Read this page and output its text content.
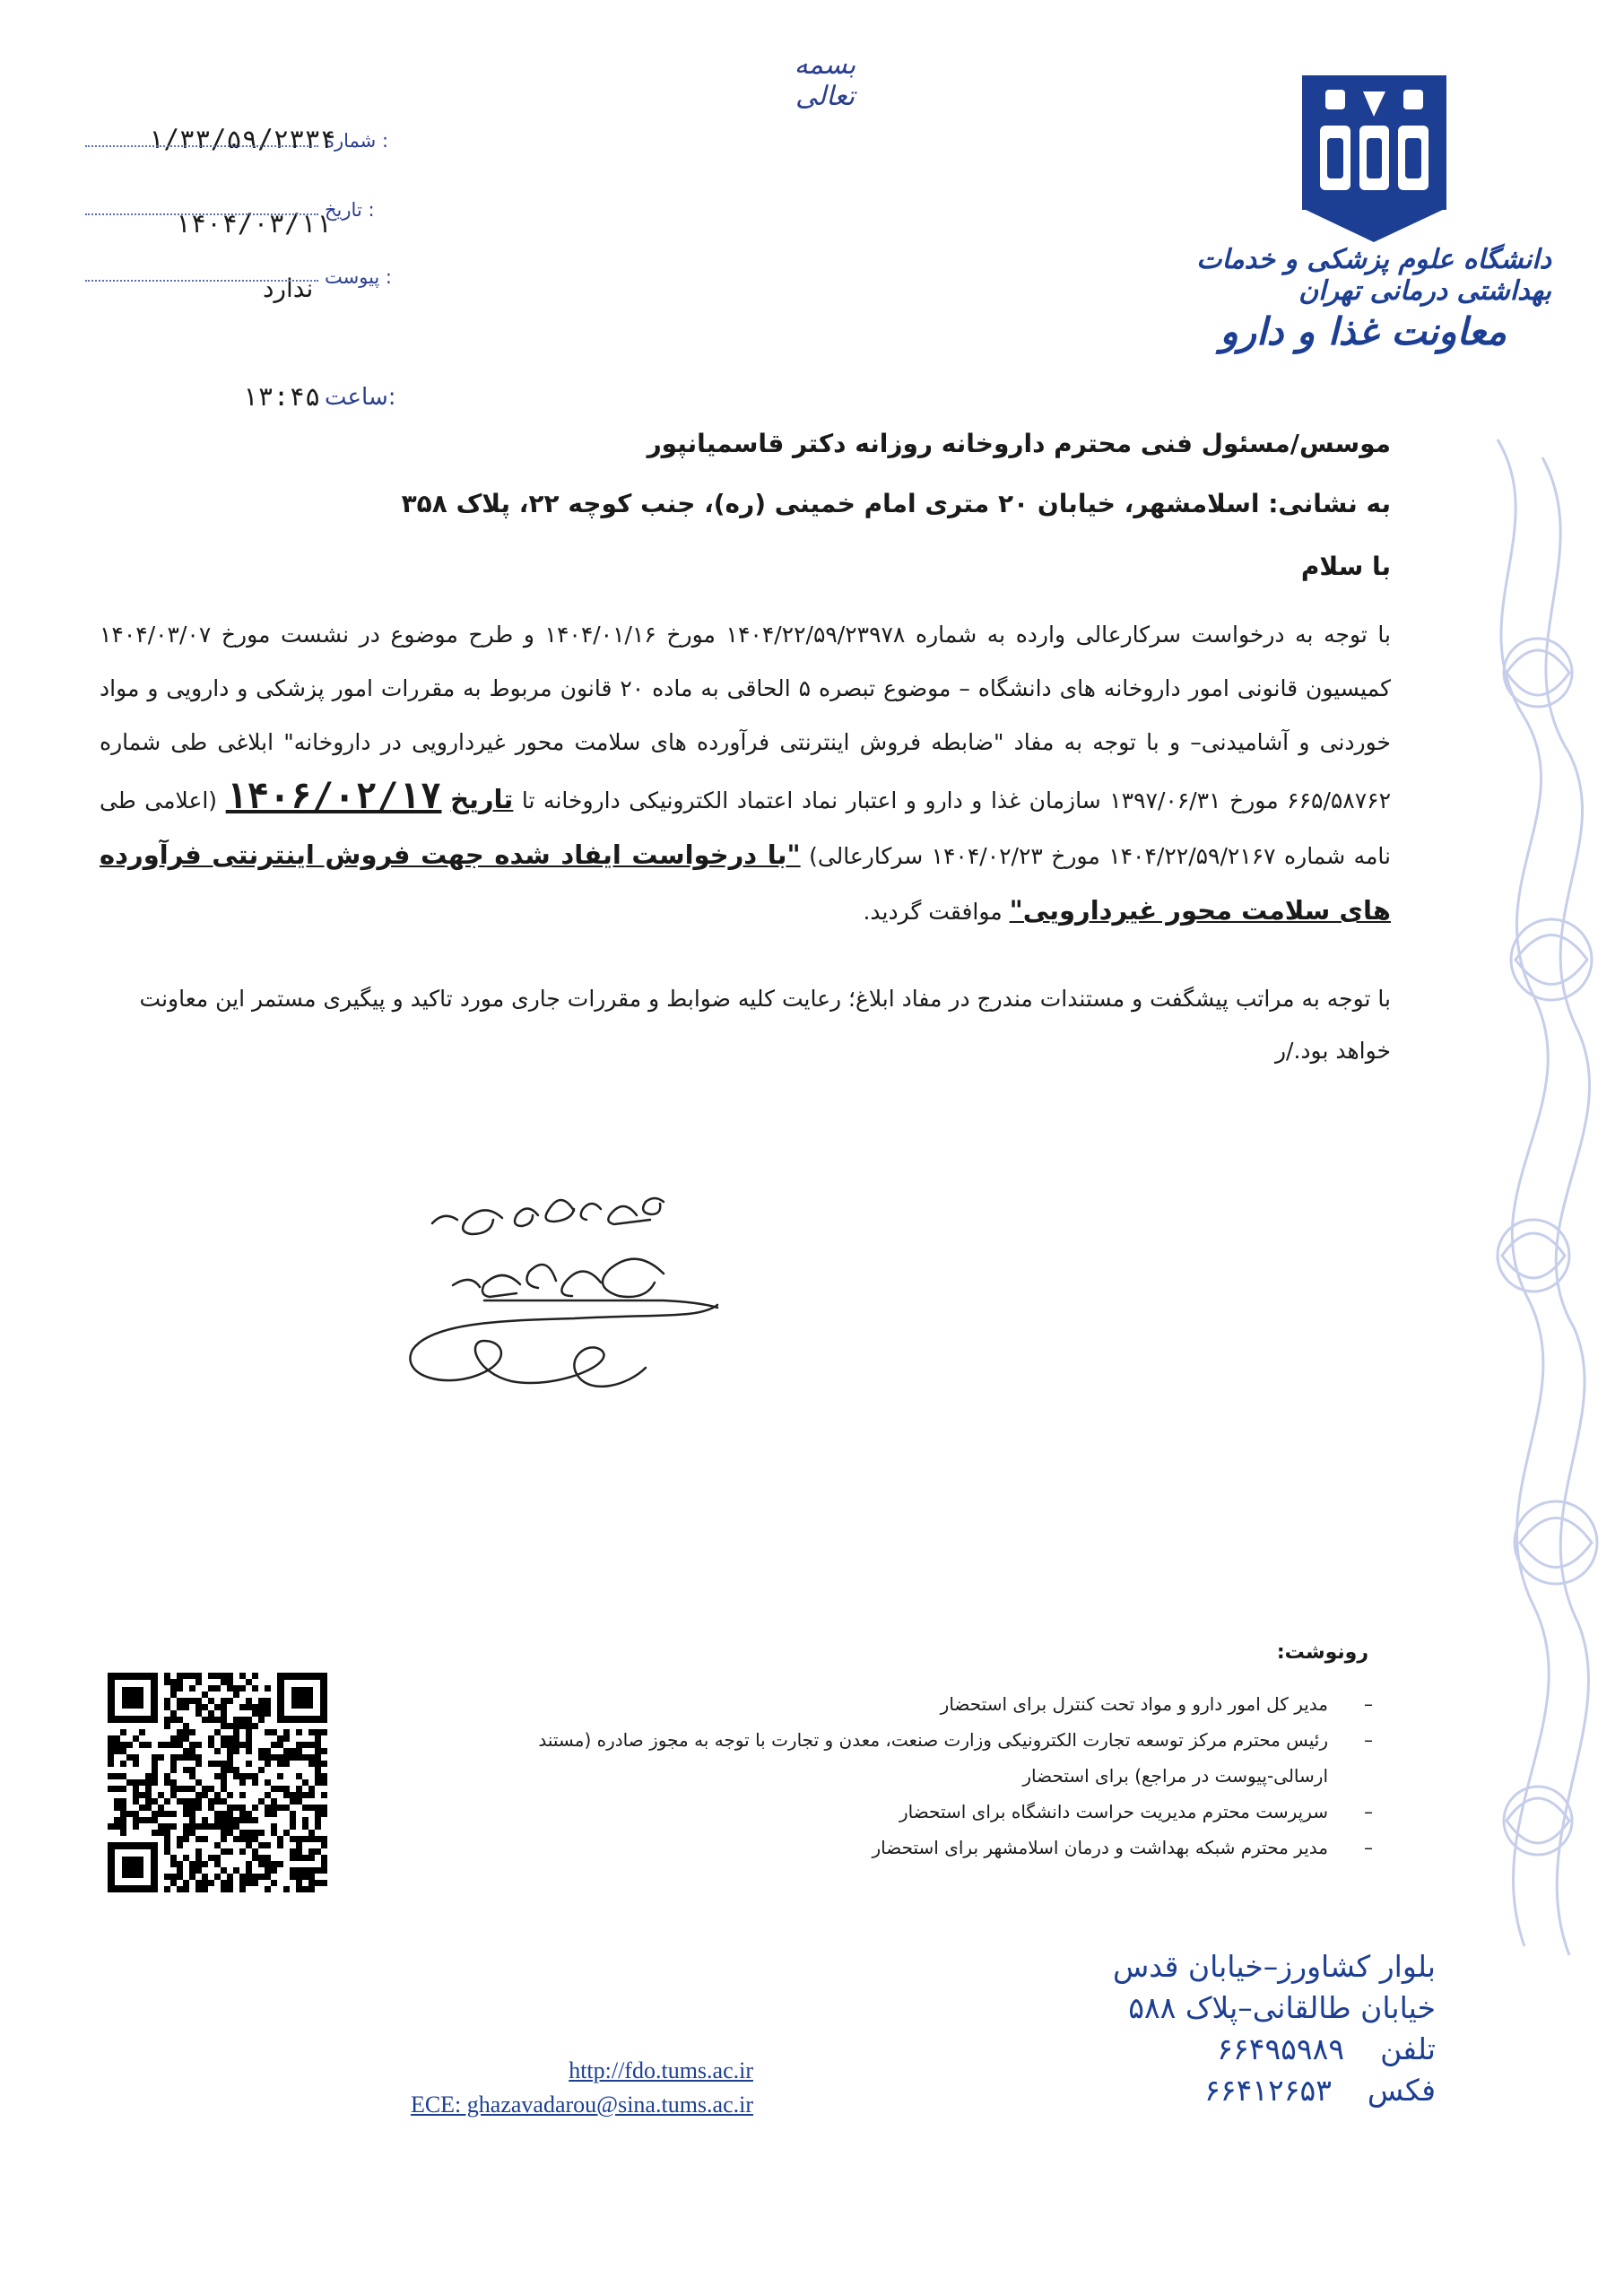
بسمه تعالی
دانشگاه علوم پزشکی و خدمات بهداشتی درمانی تهران
معاونت غذا و دارو
شماره :
۱/۳۳/۵۹/۲۳۳۴
تاریخ :
۱۴۰۴/۰۳/۱۱
پیوست :
ندارد
ساعت:
۱۳:۴۵
موسس/مسئول فنی محترم داروخانه روزانه دکتر قاسمیانپور
به نشانی: اسلامشهر، خیابان ۲۰ متری امام خمینی (ره)، جنب کوچه ۲۲، پلاک ۳۵۸
با سلام
با توجه به درخواست سرکارعالی وارده به شماره ۱۴۰۴/۲۲/۵۹/۲۳۹۷۸ مورخ ۱۴۰۴/۰۱/۱۶ و طرح موضوع در نشست مورخ ۱۴۰۴/۰۳/۰۷ کمیسیون قانونی امور داروخانه های دانشگاه – موضوع تبصره ۵ الحاقی به ماده ۲۰ قانون مربوط به مقررات امور پزشکی و دارویی و مواد خوردنی و آشامیدنی– و با توجه به مفاد "ضابطه فروش اینترنتی فرآورده های سلامت محور غیردارویی در داروخانه" ابلاغی طی شماره ۶۶۵/۵۸۷۶۲ مورخ ۱۳۹۷/۰۶/۳۱ سازمان غذا و دارو و اعتبار نماد اعتماد الکترونیکی داروخانه تا تاریخ ۱۴۰۶/۰۲/۱۷ (اعلامی طی نامه شماره ۱۴۰۴/۲۲/۵۹/۲۱۶۷ مورخ ۱۴۰۴/۰۲/۲۳ سرکارعالی) "با درخواست ایفاد شده جهت فروش اینترنتی فرآورده های سلامت محور غیردارویی" موافقت گردید.
با توجه به مراتب پیشگفت و مستندات مندرج در مفاد ابلاغ؛ رعایت کلیه ضوابط و مقررات جاری مورد تاکید و پیگیری مستمر این معاونت خواهد بود./ر
رونوشت:
–
مدیر کل امور دارو و مواد تحت کنترل برای استحضار
–
رئیس محترم مرکز توسعه تجارت الکترونیکی وزارت صنعت، معدن و تجارت با توجه به مجوز صادره (مستند ارسالی-پیوست در مراجع) برای استحضار
–
سرپرست محترم مدیریت حراست دانشگاه برای استحضار
–
مدیر محترم شبکه بهداشت و درمان اسلامشهر برای استحضار
بلوار کشاورز–خیابان قدس
خیابان طالقانی–پلاک ۵۸۸
تلفن
۶۶۴۹۵۹۸۹
فکس
۶۶۴۱۲۶۵۳
http://fdo.tums.ac.ir
ECE: ghazavadarou@sina.tums.ac.ir
